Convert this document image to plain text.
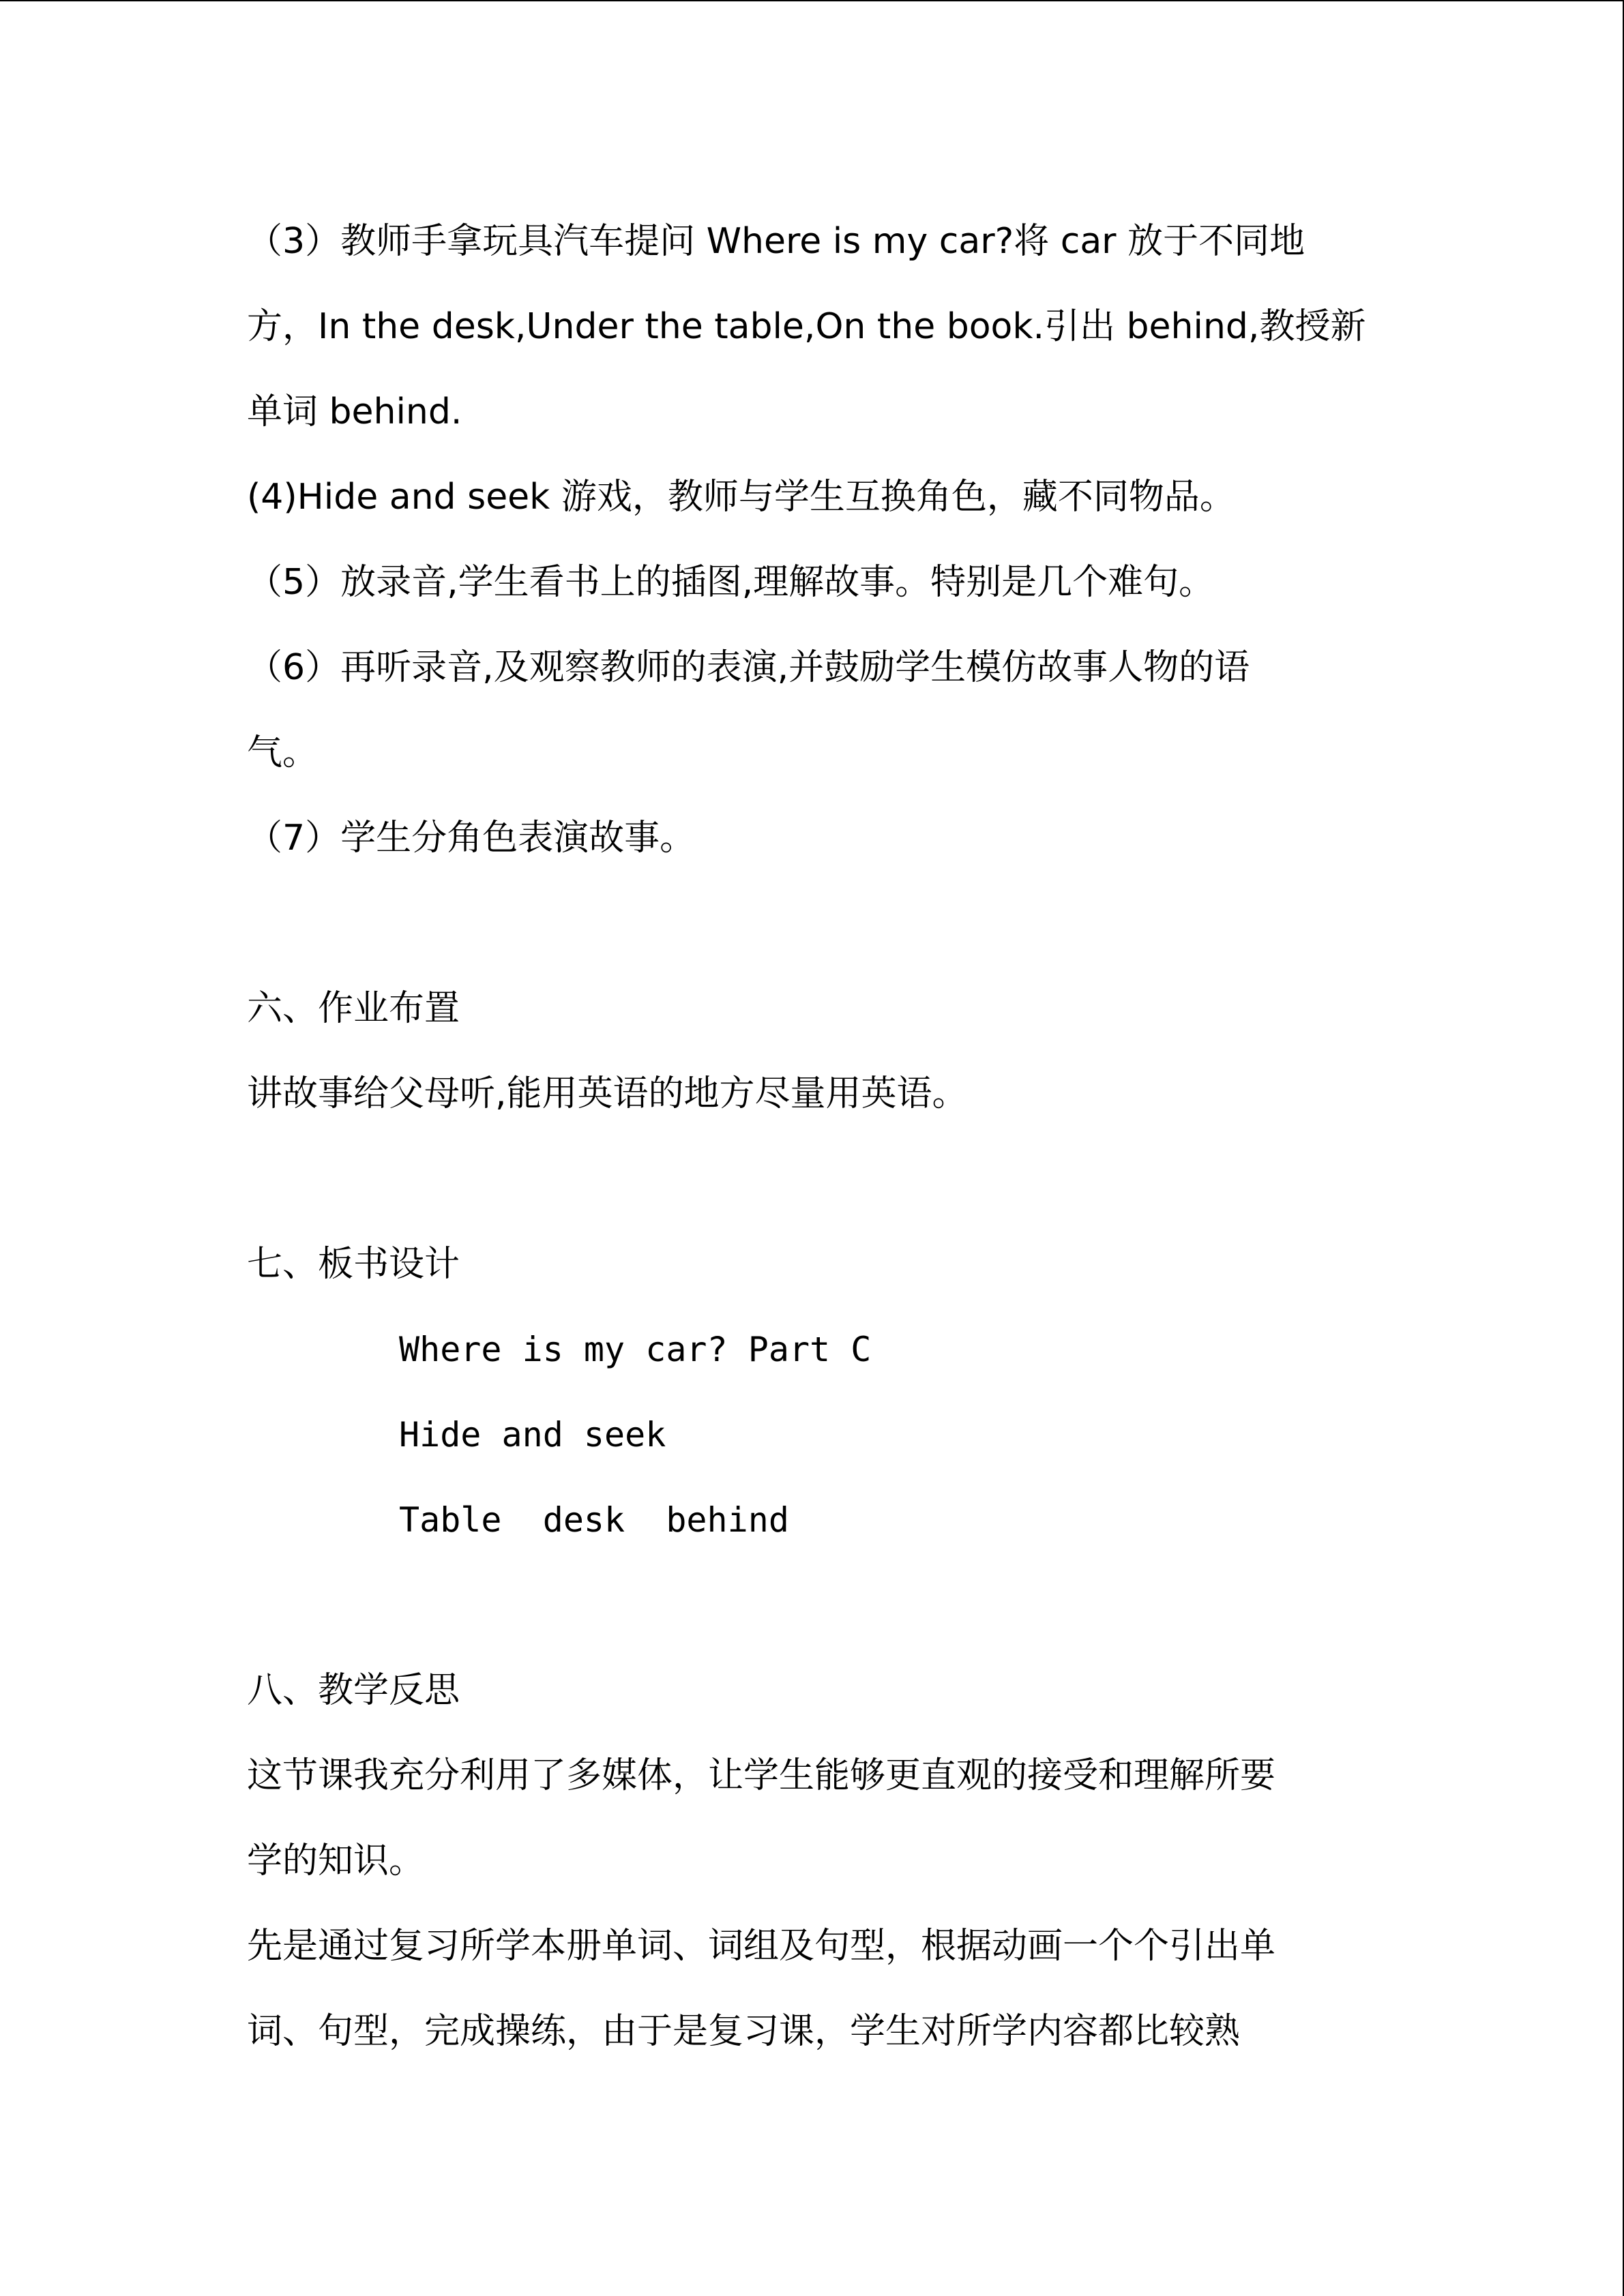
（3）教师手拿玩具汽车提问 Where is my car?将 car 放于不同地
方，In the desk,Under the table,On the book.引出 behind,教授新
单词 behind.
(4)Hide and seek 游戏，教师与学生互换角色，藏不同物品。
（5）放录音,学生看书上的插图,理解故事。特别是几个难句。
（6）再听录音,及观察教师的表演,并鼓励学生模仿故事人物的语
气。
（7）学生分角色表演故事。
六、作业布置
讲故事给父母听,能用英语的地方尽量用英语。
七、板书设计
Where is my car? Part C
Hide and seek
Table  desk  behind
八、教学反思
这节课我充分利用了多媒体，让学生能够更直观的接受和理解所要
学的知识。
先是通过复习所学本册单词、词组及句型，根据动画一个个引出单
词、句型，完成操练，由于是复习课，学生对所学内容都比较熟
